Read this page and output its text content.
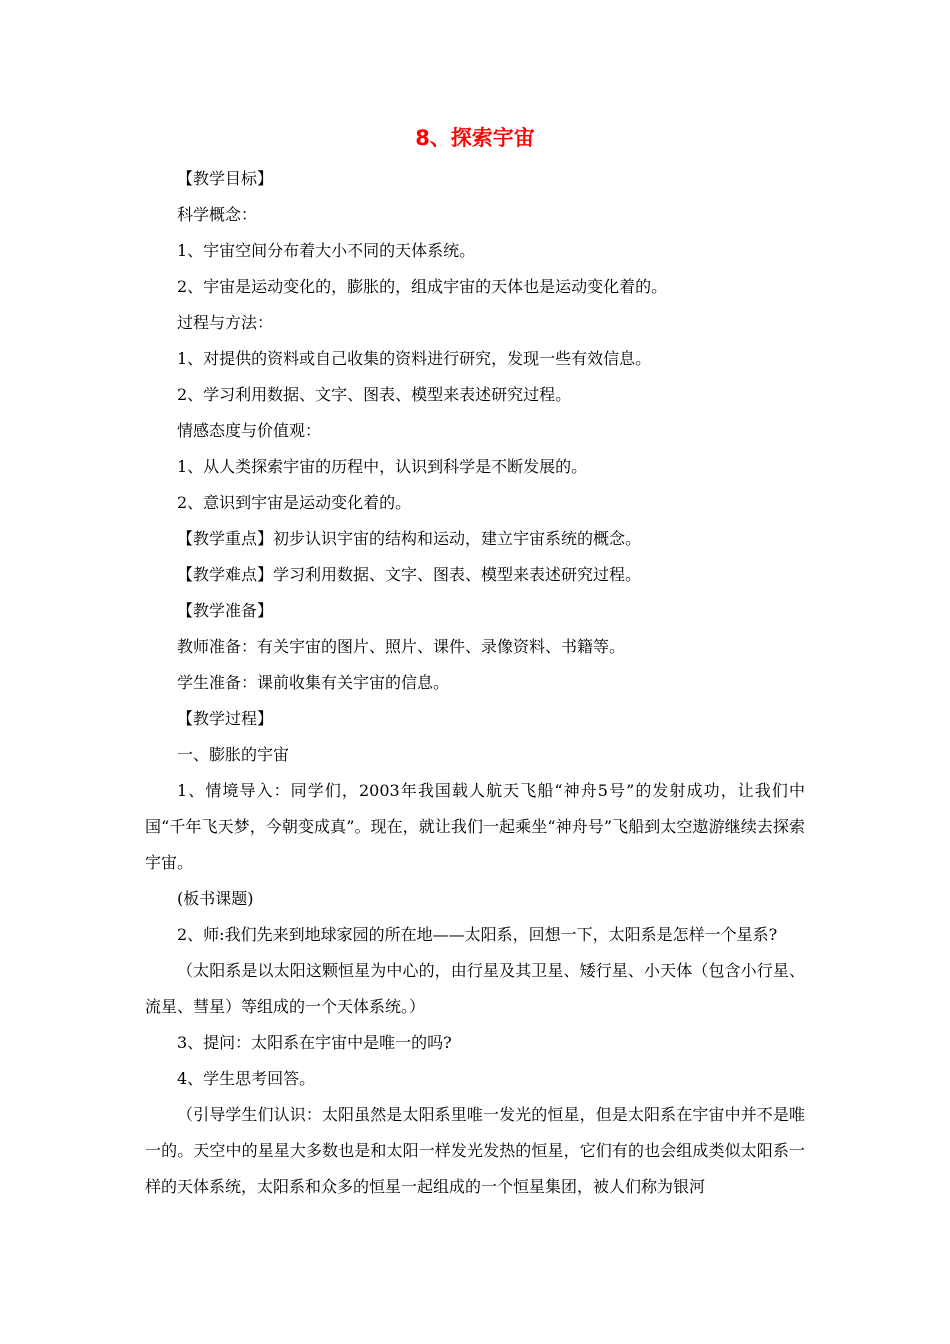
8、探索宇宙

【教学目标】

科学概念：

1、宇宙空间分布着大小不同的天体系统。

2、宇宙是运动变化的，膨胀的，组成宇宙的天体也是运动变化着的。

过程与方法：

1、对提供的资料或自己收集的资料进行研究，发现一些有效信息。

2、学习利用数据、文字、图表、模型来表述研究过程。

情感态度与价值观：

1、从人类探索宇宙的历程中，认识到科学是不断发展的。

2、意识到宇宙是运动变化着的。

【教学重点】初步认识宇宙的结构和运动，建立宇宙系统的概念。

【教学难点】学习利用数据、文字、图表、模型来表述研究过程。

【教学准备】

教师准备：有关宇宙的图片、照片、课件、录像资料、书籍等。

学生准备：课前收集有关宇宙的信息。

【教学过程】

一、膨胀的宇宙

1、情境导入：同学们，2003年我国载人航天飞船“神舟5号”的发射成功，让我们中国“千年飞天梦，今朝变成真”。现在，就让我们一起乘坐“神舟号”飞船到太空遨游继续去探索宇宙。

(板书课题)

2、师:我们先来到地球家园的所在地——太阳系，回想一下，太阳系是怎样一个星系?

（太阳系是以太阳这颗恒星为中心的，由行星及其卫星、矮行星、小天体（包含小行星、流星、彗星）等组成的一个天体系统。）

3、提问：太阳系在宇宙中是唯一的吗?

4、学生思考回答。

（引导学生们认识：太阳虽然是太阳系里唯一发光的恒星，但是太阳系在宇宙中并不是唯一的。天空中的星星大多数也是和太阳一样发光发热的恒星，它们有的也会组成类似太阳系一样的天体系统，太阳系和众多的恒星一起组成的一个恒星集团，被人们称为银河
